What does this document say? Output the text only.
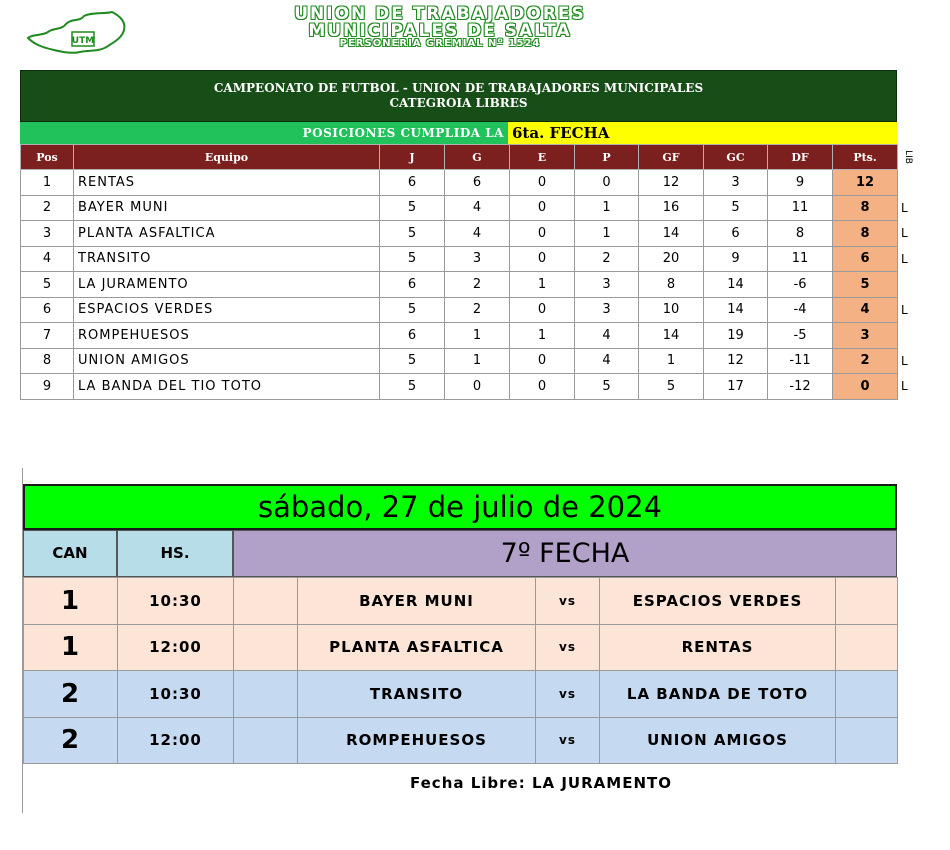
UTM
UNION DE TRABAJADORES
MUNICIPALES DE SALTA
PERSONERIA GREMIAL Nº 1524
CAMPEONATO DE FUTBOL - UNION DE TRABAJADORES MUNICIPALES
CATEGROIA LIBRES
POSICIONES CUMPLIDA LA 6ta. FECHA
Pos	Equipo	J	G	E	P	GF	GC	DF	Pts.	LIB
1	RENTAS	6	6	0	0	12	3	9	12	
2	BAYER MUNI	5	4	0	1	16	5	11	8	L
3	PLANTA ASFALTICA	5	4	0	1	14	6	8	8	L
4	TRANSITO	5	3	0	2	20	9	11	6	L
5	LA JURAMENTO	6	2	1	3	8	14	-6	5	
6	ESPACIOS VERDES	5	2	0	3	10	14	-4	4	L
7	ROMPEHUESOS	6	1	1	4	14	19	-5	3	
8	UNION AMIGOS	5	1	0	4	1	12	-11	2	L
9	LA BANDA DEL TIO TOTO	5	0	0	5	5	17	-12	0	L
sábado, 27 de julio de 2024
CAN	HS.	7º FECHA
1	10:30		BAYER MUNI	vs	ESPACIOS VERDES	
1	12:00		PLANTA ASFALTICA	vs	RENTAS	
2	10:30		TRANSITO	vs	LA BANDA DE TOTO	
2	12:00		ROMPEHUESOS	vs	UNION AMIGOS	
Fecha Libre: LA JURAMENTO
